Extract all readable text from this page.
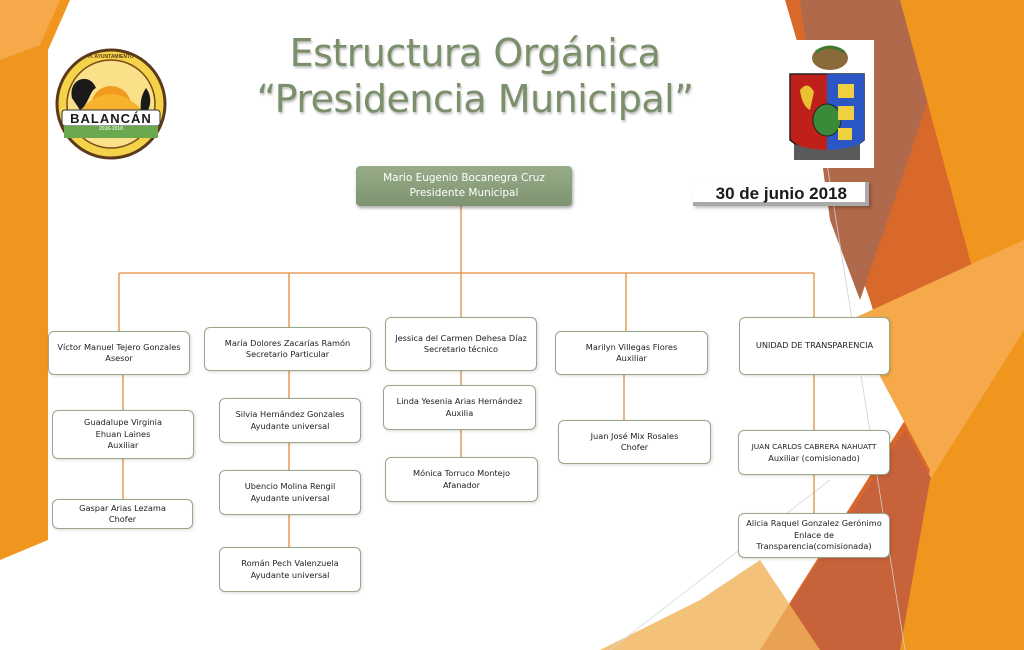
Estructura Orgánica
“Presidencia Municipal”
BALANCÁN
H. AYUNTAMIENTO
2016-2018
30 de junio 2018
Mario Eugenio Bocanegra Cruz
Presidente Municipal
Víctor Manuel Tejero Gonzales
Asesor
Guadalupe Virginia Ehuan Laines
Auxiliar
Gaspar Arias Lezama
Chofer
María Dolores Zacarías Ramón
Secretario Particular
Silvia Hernández Gonzales
Ayudante universal
Ubencio Molina Rengil
Ayudante universal
Román Pech Valenzuela
Ayudante universal
Jessica del Carmen Dehesa Díaz
Secretario técnico
Linda Yesenia Arias Hernández
Auxilia
Mónica Torruco Montejo
Afanador
Marilyn Villegas Flores
Auxiliar
Juan José Mix Rosales
Chofer
UNIDAD DE TRANSPARENCIA
JUAN CARLOS CABRERA NAHUATT
Auxiliar (comisionado)
Alicia Raquel Gonzalez Gerónimo
Enlace de Transparencia(comisionada)
